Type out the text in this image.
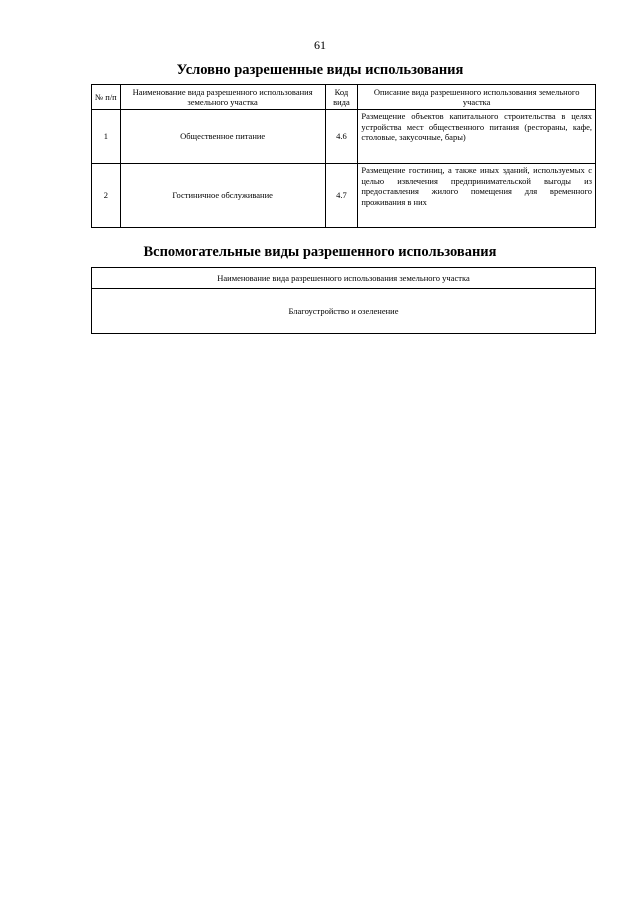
61
Условно разрешенные виды использования
№ п/п	Наименование вида разрешенного использования земельного участка	Код вида	Описание вида разрешенного использования земельного участка
1	Общественное питание	4.6	Размещение объектов капитального строительства в целях устройства мест общественного питания (рестораны, кафе, столовые, закусочные, бары)
2	Гостиничное обслуживание	4.7	Размещение гостиниц, а также иных зданий, используемых с целью извлечения предпринимательской выгоды из предоставления жилого помещения для временного проживания в них
Вспомогательные виды разрешенного использования
Наименование вида разрешенного использования земельного участка
Благоустройство и озеленение
